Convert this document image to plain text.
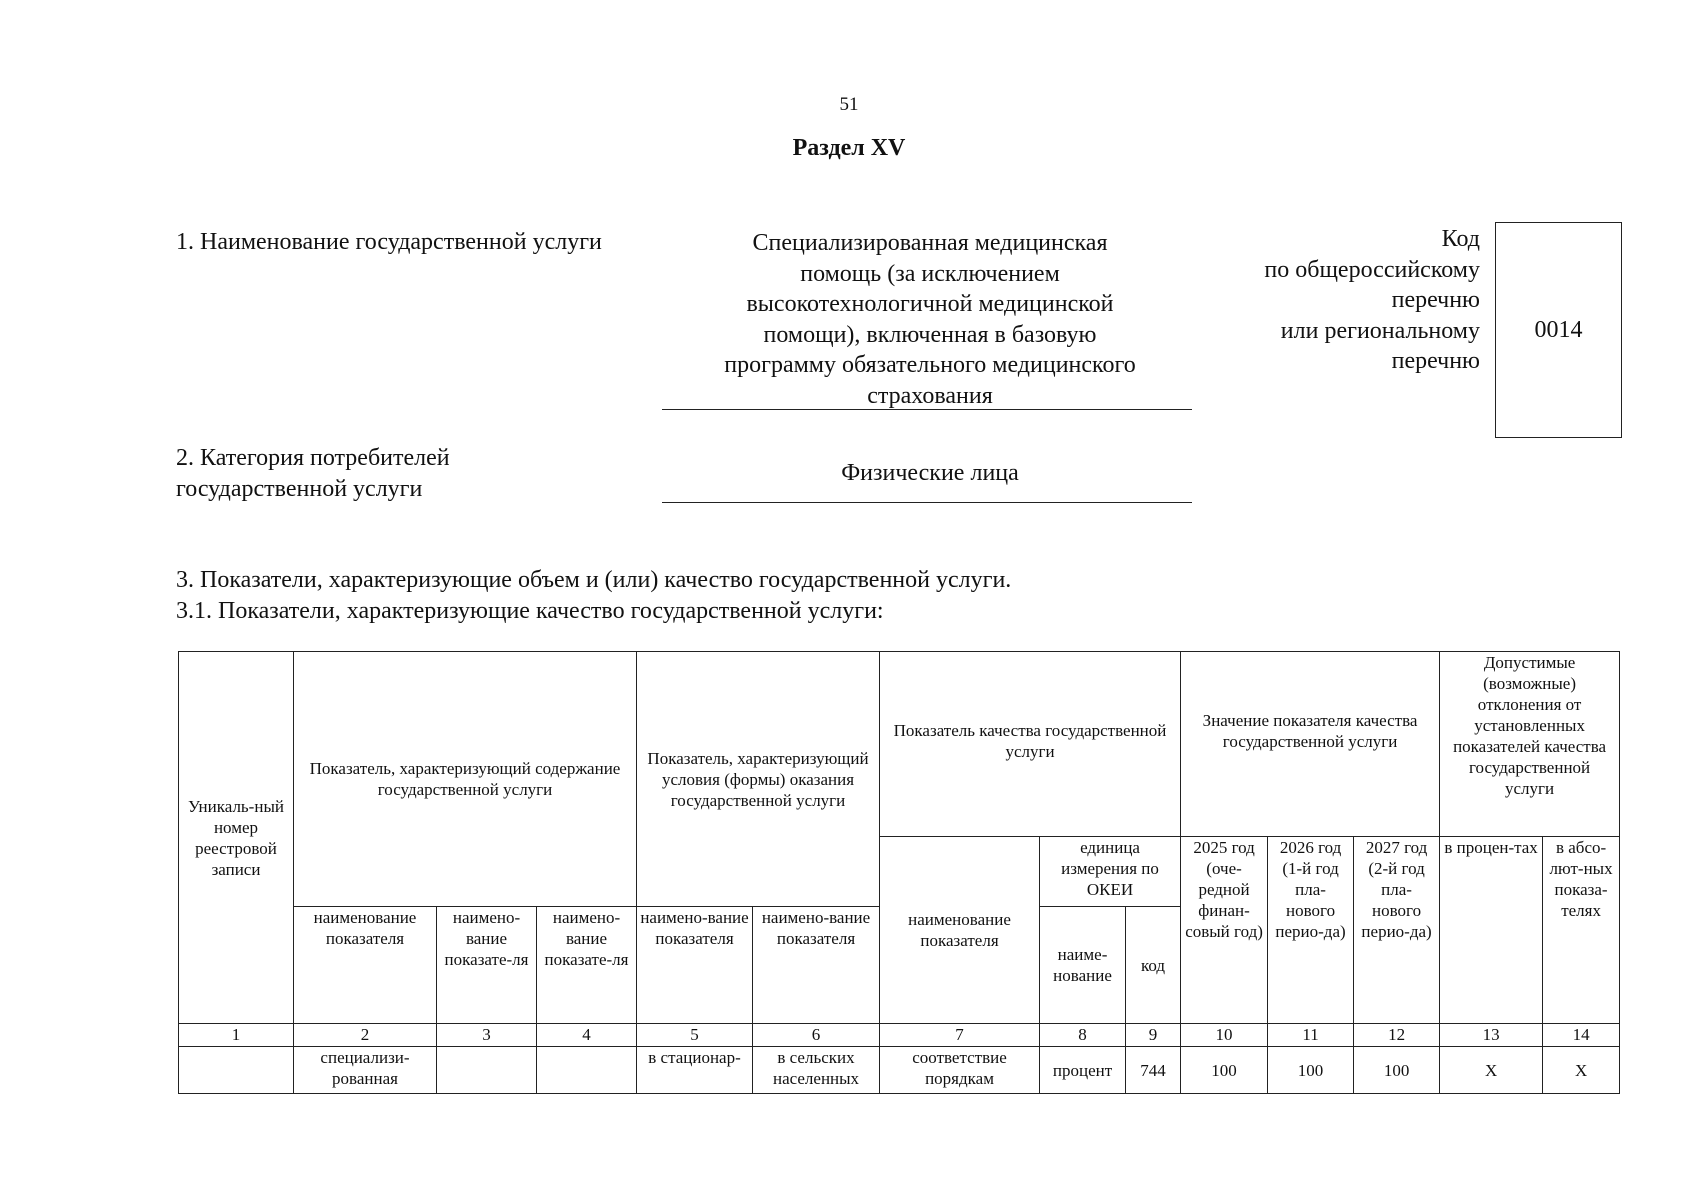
51
Раздел XV
1. Наименование государственной услуги	Специализированная медицинская
помощь (за исключением
высокотехнологичной медицинской
помощи), включенная в базовую
программу обязательного медицинского
страхования
Код
по общероссийскому
перечню
или региональному
перечню
0014
2. Категория потребителей
государственной услуги
Физические лица
3. Показатели, характеризующие объем и (или) качество государственной услуги.
3.1. Показатели, характеризующие качество государственной услуги:
Уникаль-ный номер реестровой записи	Показатель, характеризующий содержание государственной услуги			Показатель, характеризующий условия (формы) оказания государственной услуги		Показатель качества государственной услуги			Значение показателя качества государственной услуги			Допустимые (возможные) отклонения от установленных показателей качества государственной услуги	
						наименование показателя	единица измерения по ОКЕИ		2025 год (оче-редной финан-совый год)	2026 год (1-й год пла-нового перио-да)	2027 год (2-й год пла-нового перио-да)	в процен-тах	в абсо-лют-ных показа-телях
	наименование показателя	наимено-вание показате-ля	наимено-вание показате-ля	наимено-вание показателя	наимено-вание показателя		наиме-нование	код					
1	2	3	4	5	6	7	8	9	10	11	12	13	14
	специализи-рованная			в стационар-	в сельских населенных	соответствие порядкам	процент	744	100	100	100	X	X
